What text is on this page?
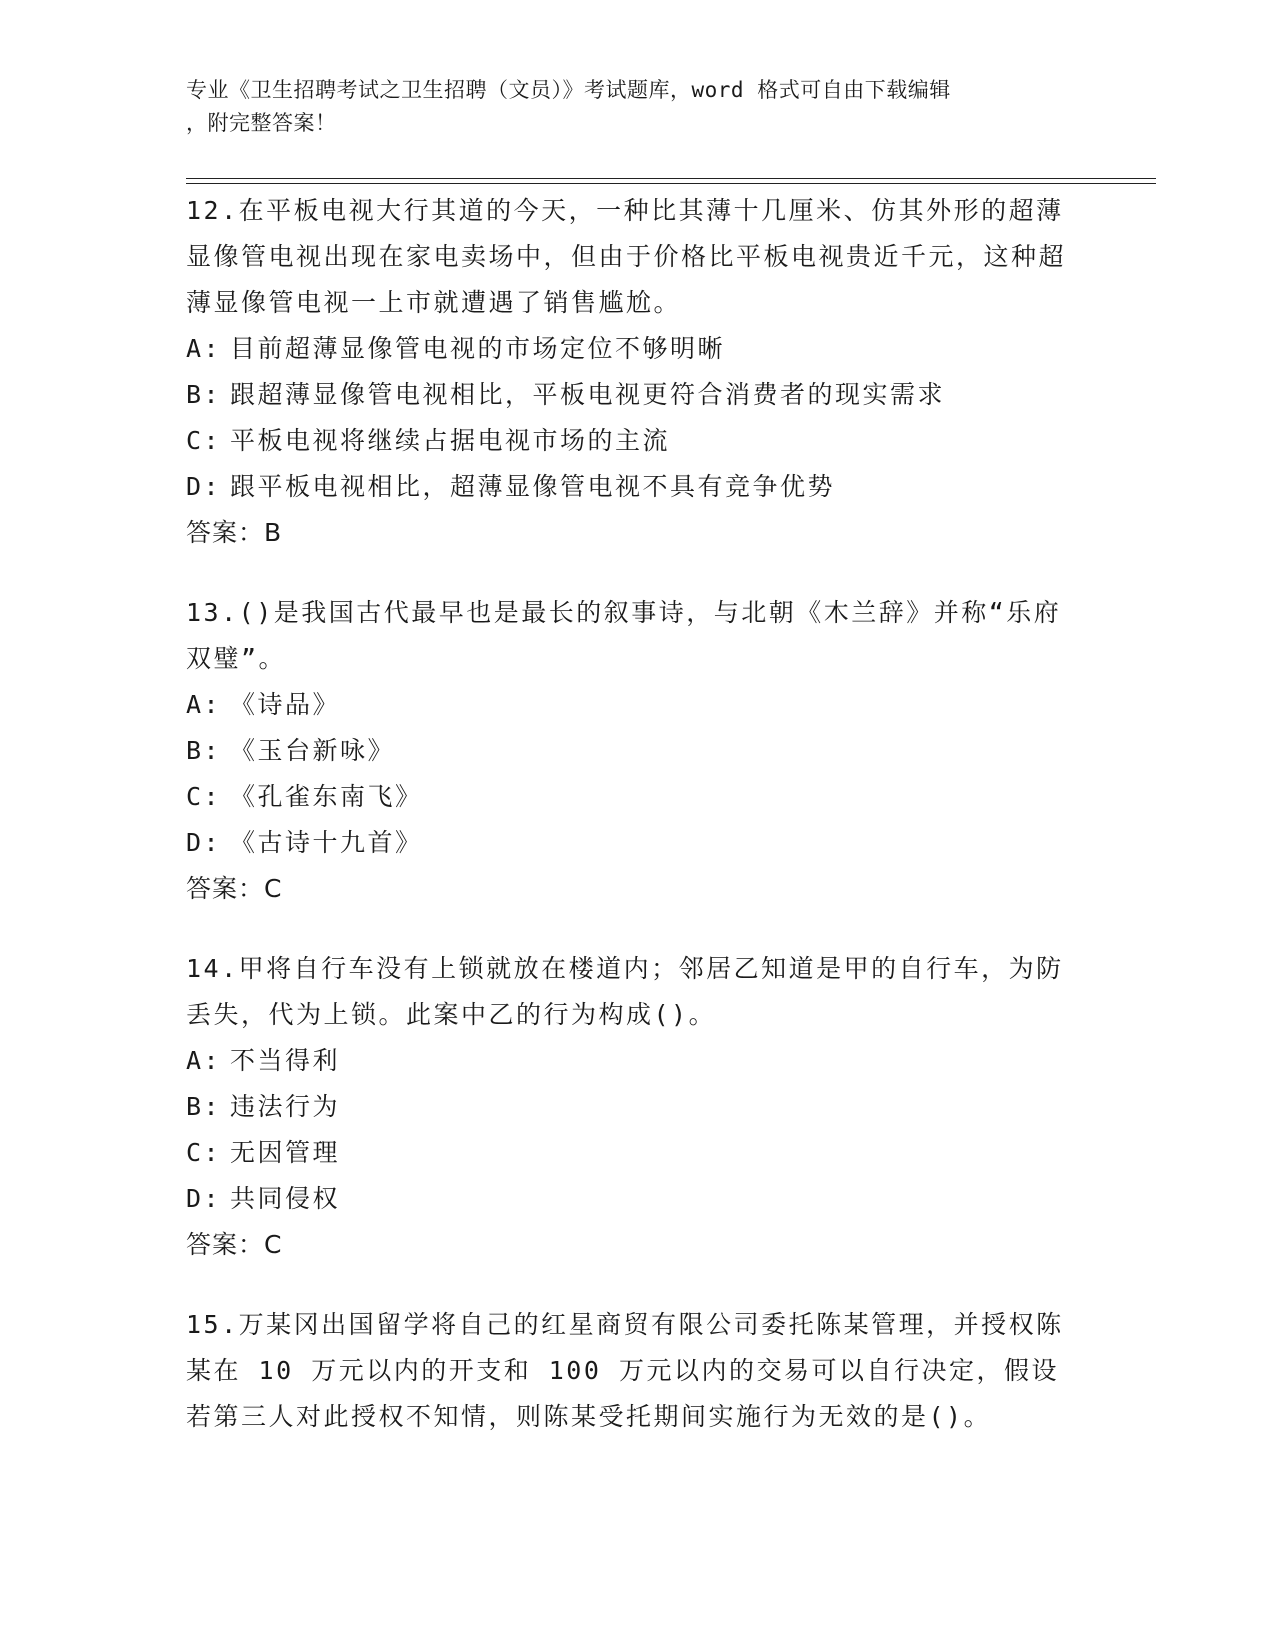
专业《卫生招聘考试之卫生招聘（文员）》考试题库，word 格式可自由下载编辑
，附完整答案！

12.在平板电视大行其道的今天，一种比其薄十几厘米、仿其外形的超薄显像管电视出现在家电卖场中，但由于价格比平板电视贵近千元，这种超薄显像管电视一上市就遭遇了销售尴尬。

A: 目前超薄显像管电视的市场定位不够明晰
B: 跟超薄显像管电视相比，平板电视更符合消费者的现实需求
C: 平板电视将继续占据电视市场的主流
D: 跟平板电视相比，超薄显像管电视不具有竞争优势
答案：B

13.()是我国古代最早也是最长的叙事诗，与北朝《木兰辞》并称“乐府双璧”。

A: 《诗品》
B: 《玉台新咏》
C: 《孔雀东南飞》
D: 《古诗十九首》
答案：C

14.甲将自行车没有上锁就放在楼道内；邻居乙知道是甲的自行车，为防丢失，代为上锁。此案中乙的行为构成()。

A: 不当得利
B: 违法行为
C: 无因管理
D: 共同侵权
答案：C

15.万某冈出国留学将自己的红星商贸有限公司委托陈某管理，并授权陈某在 10 万元以内的开支和 100 万元以内的交易可以自行决定，假设若第三人对此授权不知情，则陈某受托期间实施行为无效的是()。
